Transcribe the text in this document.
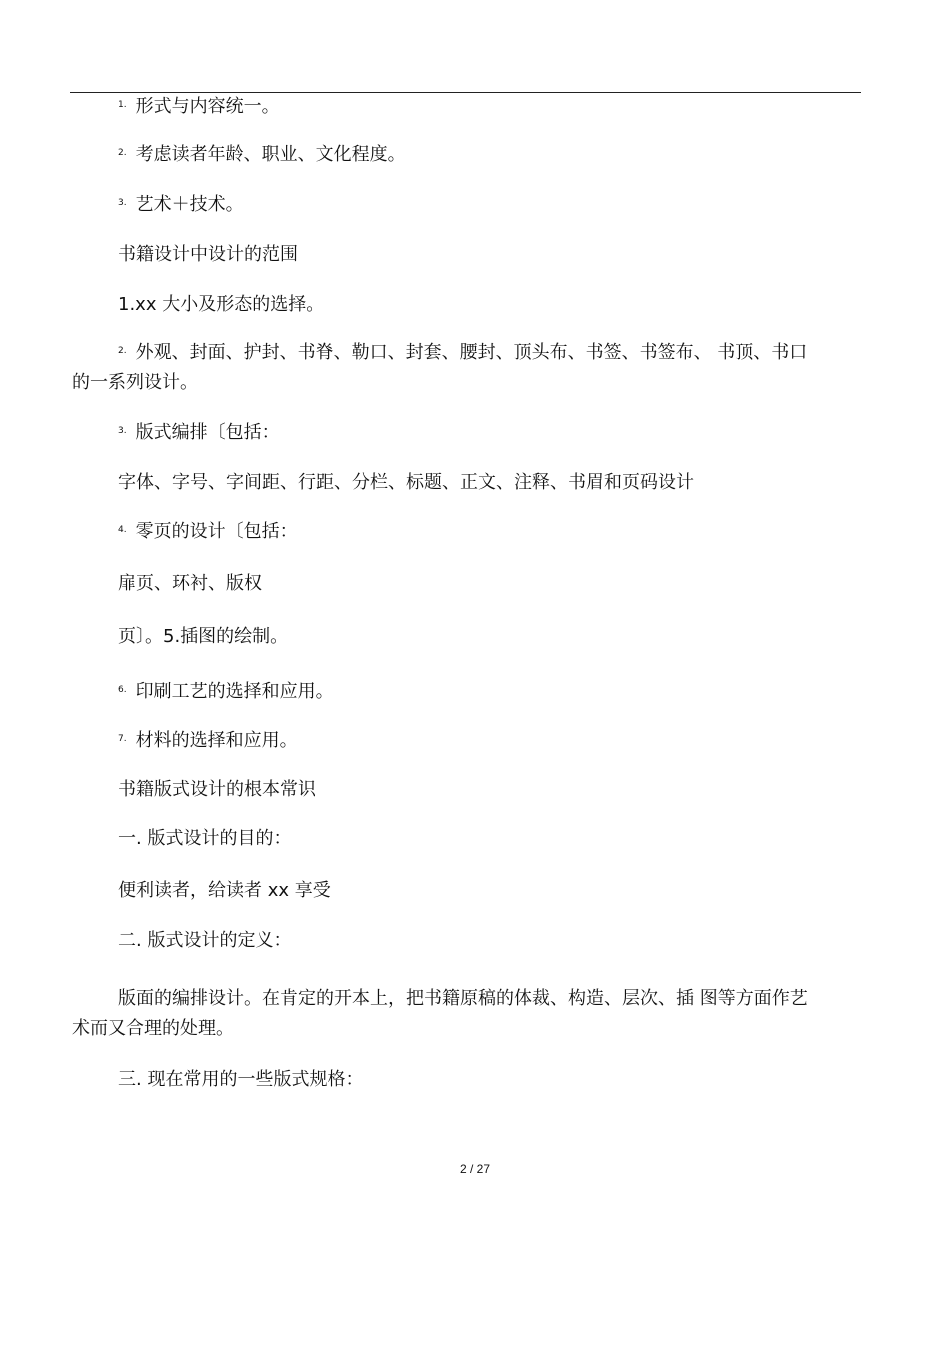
$^{1.}$ 形式与内容统一。
$^{2.}$ 考虑读者年龄、职业、文化程度。
$^{3.}$ 艺术＋技术。
书籍设计中设计的范围
1.xx 大小及形态的选择。
$^{2.}$ 外观、封面、护封、书脊、勒口、封套、腰封、顶头布、书签、书签布、 书顶、书口
的一系列设计。
$^{3.}$ 版式编排〔包括：
字体、字号、字间距、行距、分栏、标题、正文、注释、书眉和页码设计
$^{4.}$ 零页的设计〔包括：
扉页、环衬、版权
页〕。5.插图的绘制。
$^{6.}$ 印刷工艺的选择和应用。
$^{7.}$ 材料的选择和应用。
书籍版式设计的根本常识
一. 版式设计的目的：
便利读者，给读者 xx 享受
二. 版式设计的定义：
版面的编排设计。在肯定的开本上，把书籍原稿的体裁、构造、层次、插 图等方面作艺
术而又合理的处理。
三. 现在常用的一些版式规格：
2 / 27
